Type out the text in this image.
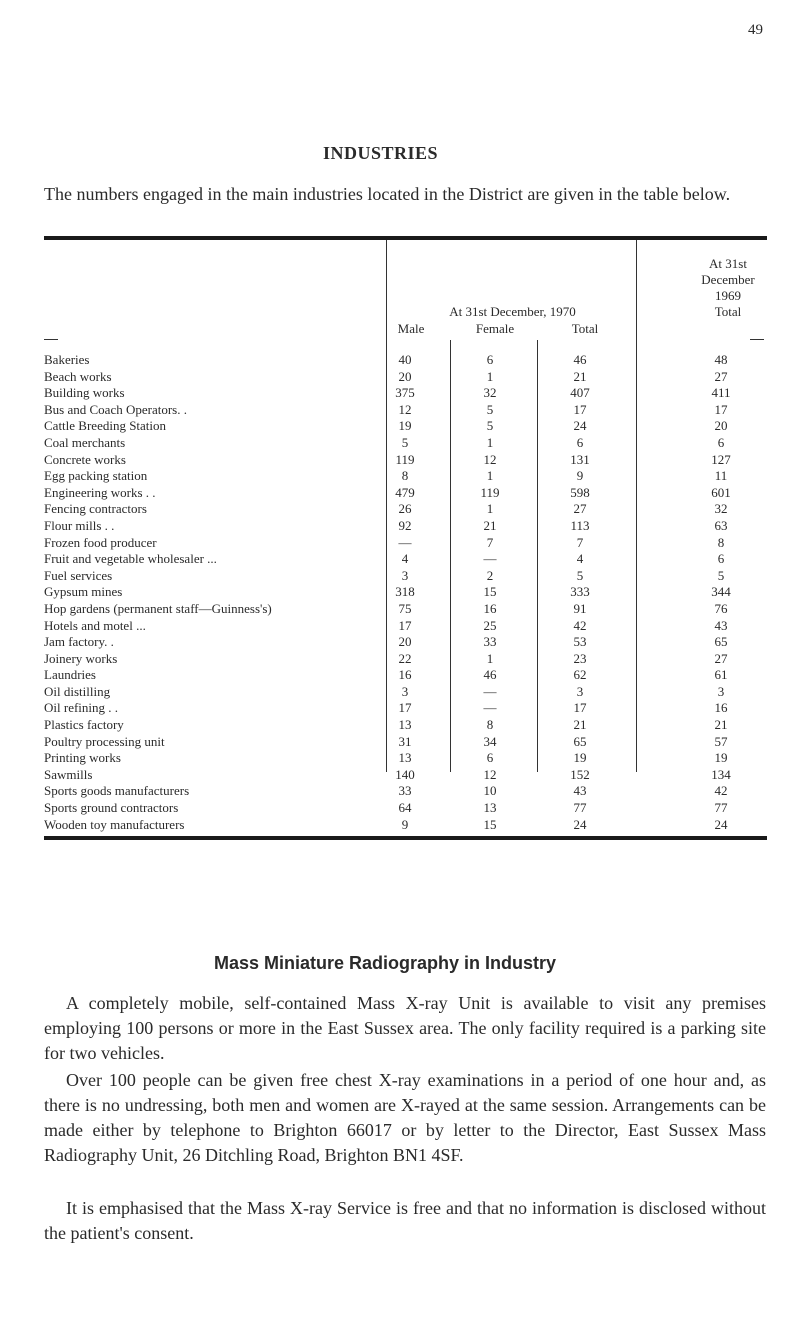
49
INDUSTRIES

The numbers engaged in the main industries located in the District are given in the table below.

At 31st December, 1970
Male	Female	Total
At 31st
December
1969
Total
Bakeries	40	6	46	48
Beach works	20	1	21	27
Building works	375	32	407	411
Bus and Coach Operators. .	12	5	17	17
Cattle Breeding Station	19	5	24	20
Coal merchants	5	1	6	6
Concrete works	119	12	131	127
Egg packing station	8	1	9	11
Engineering works . .	479	119	598	601
Fencing contractors	26	1	27	32
Flour mills . .	92	21	113	63
Frozen food producer	—	7	7	8
Fruit and vegetable wholesaler ...	4	—	4	6
Fuel services	3	2	5	5
Gypsum mines	318	15	333	344
Hop gardens (permanent staff—Guinness's)	75	16	91	76
Hotels and motel ...	17	25	42	43
Jam factory. .	20	33	53	65
Joinery works	22	1	23	27
Laundries	16	46	62	61
Oil distilling	3	—	3	3
Oil refining . .	17	—	17	16
Plastics factory	13	8	21	21
Poultry processing unit	31	34	65	57
Printing works	13	6	19	19
Sawmills	140	12	152	134
Sports goods manufacturers	33	10	43	42
Sports ground contractors	64	13	77	77
Wooden toy manufacturers	9	15	24	24
Mass Miniature Radiography in Industry

A completely mobile, self-contained Mass X-ray Unit is available to visit any premises employing 100 persons or more in the East Sussex area. The only facility required is a parking site for two vehicles.

Over 100 people can be given free chest X-ray examinations in a period of one hour and, as there is no undressing, both men and women are X-rayed at the same session. Arrangements can be made either by telephone to Brighton 66017 or by letter to the Director, East Sussex Mass Radiography Unit, 26 Ditchling Road, Brighton BN1 4SF.

It is emphasised that the Mass X-ray Service is free and that no information is disclosed without the patient's consent.
